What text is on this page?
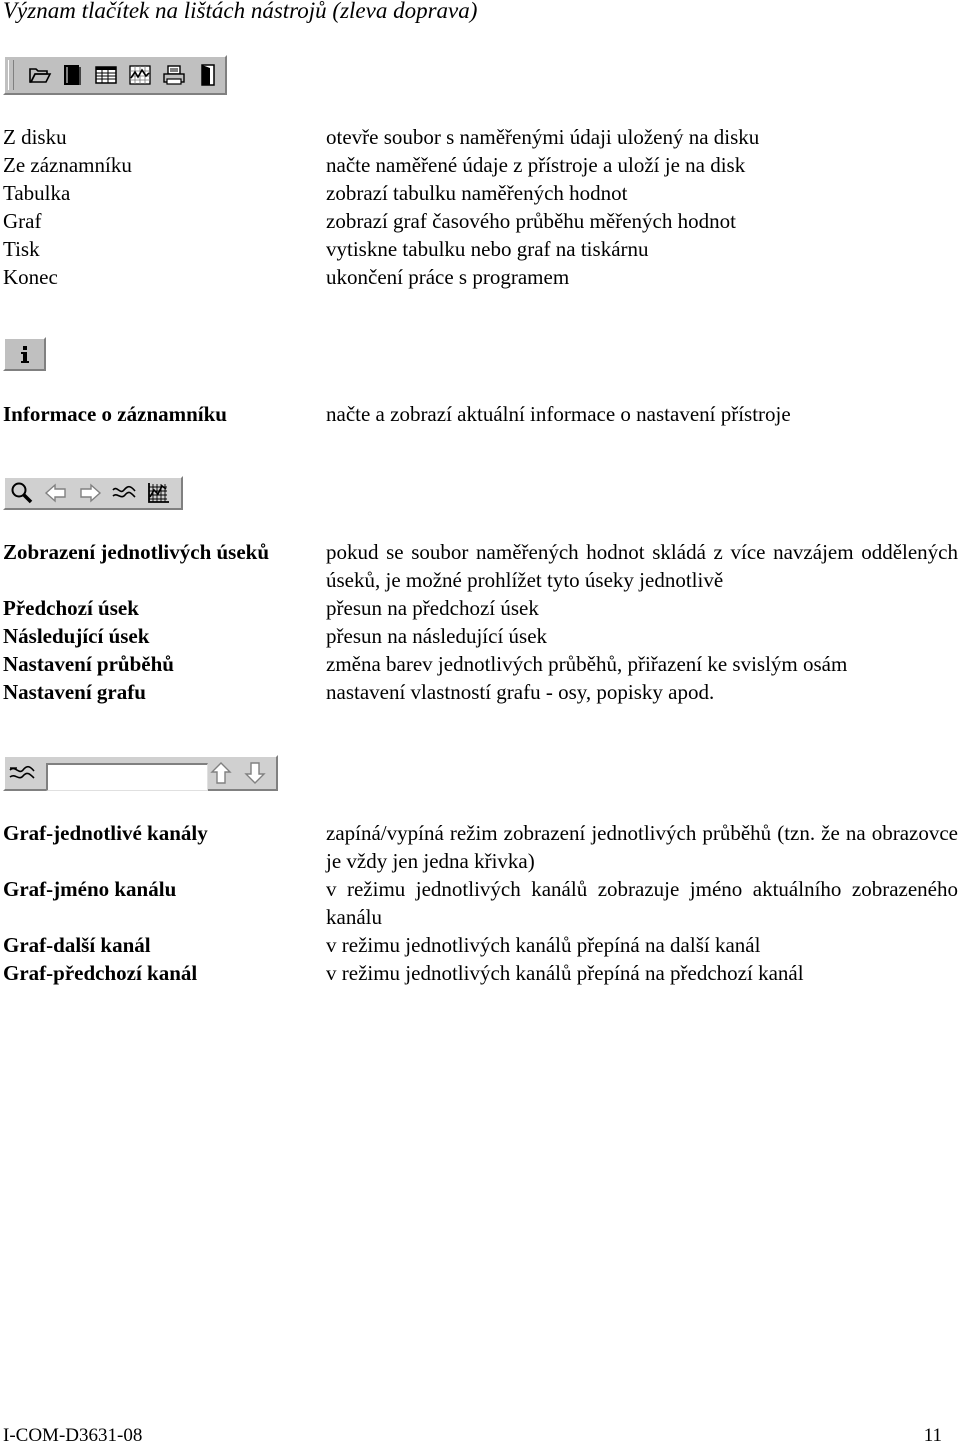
Význam tlačítek na lištách nástrojů (zleva doprava)
Z disku	otevře soubor s naměřenými údaji uložený na disku
Ze záznamníku	načte naměřené údaje z přístroje a uloží je na disk
Tabulka	zobrazí tabulku naměřených hodnot
Graf	zobrazí graf časového průběhu měřených hodnot
Tisk	vytiskne tabulku nebo graf na tiskárnu
Konec	ukončení práce s programem
Informace o záznamníku	načte a zobrazí aktuální informace o nastavení přístroje
Zobrazení jednotlivých úseků	pokud se soubor naměřených hodnot skládá z více navzájem oddělených úseků, je možné prohlížet tyto úseky jednotlivě
Předchozí úsek	přesun na předchozí úsek
Následující úsek	přesun na následující úsek
Nastavení průběhů	změna barev jednotlivých průběhů, přiřazení ke svislým osám
Nastavení grafu	nastavení vlastností grafu - osy, popisky apod.
Graf-jednotlivé kanály	zapíná/vypíná režim zobrazení jednotlivých průběhů (tzn. že na obrazovce je vždy jen jedna křivka)
Graf-jméno kanálu	v režimu jednotlivých kanálů zobrazuje jméno aktuálního zobrazeného kanálu
Graf-další kanál	v režimu jednotlivých kanálů přepíná na další kanál
Graf-předchozí kanál	v režimu jednotlivých kanálů přepíná na předchozí kanál
I-COM-D3631-08	11
